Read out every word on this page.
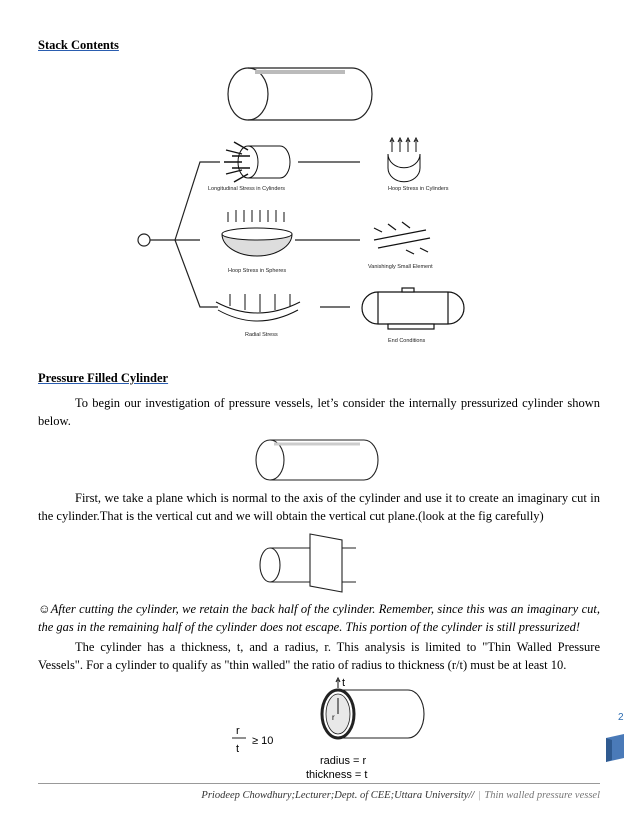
Stack Contents
Longitudinal Stress in Cylinders	Hoop Stress in Cylinders
Hoop Stress in Spheres
Vanishingly Small Element
Radial Stress
End Conditions
Pressure Filled Cylinder
To begin our investigation of pressure vessels, let’s consider the internally pressurized cylinder shown below.
First, we take a plane which is normal to the axis of the cylinder and use it to create an imaginary cut in the cylinder.That is the vertical cut and we will obtain the vertical cut plane.(look at the fig carefully)
☺After cutting the cylinder, we retain the back half of the cylinder. Remember, since this was an imaginary cut, the gas in the remaining half of the cylinder does not escape. This portion of the cylinder is still pressurized!
The cylinder has a thickness, t, and a radius, r. This analysis is limited to "Thin Walled Pressure Vessels". For a cylinder to qualify as "thin walled" the ratio of radius to thickness (r/t) must be at least 10.
t
r
r
t
≥ 10
radius = r
thickness = t
2
Priodeep Chowdhury;Lecturer;Dept. of CEE;Uttara University// | Thin walled pressure vessel
